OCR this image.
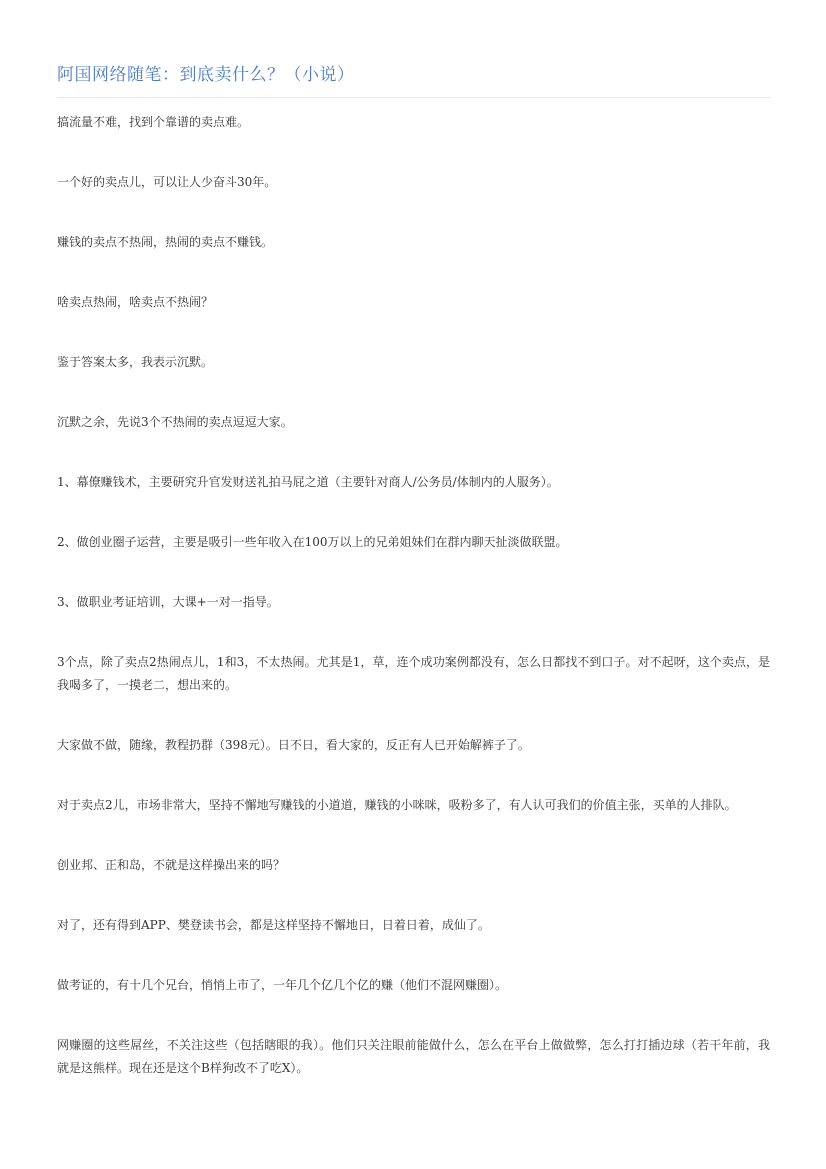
阿国网络随笔：到底卖什么？（小说）

搞流量不难，找到个靠谱的卖点难。

一个好的卖点儿，可以让人少奋斗30年。

赚钱的卖点不热闹，热闹的卖点不赚钱。

啥卖点热闹，啥卖点不热闹？

鉴于答案太多，我表示沉默。

沉默之余，先说3个不热闹的卖点逗逗大家。

1、幕僚赚钱术，主要研究升官发财送礼拍马屁之道（主要针对商人/公务员/体制内的人服务）。

2、做创业圈子运营，主要是吸引一些年收入在100万以上的兄弟姐妹们在群内聊天扯淡做联盟。

3、做职业考证培训，大课+一对一指导。

3个点，除了卖点2热闹点儿，1和3，不太热闹。尤其是1，草，连个成功案例都没有，怎么日都找不到口子。对不起呀，这个卖点，是我喝多了，一摸老二，想出来的。

大家做不做，随缘，教程扔群（398元）。日不日，看大家的，反正有人已开始解裤子了。

对于卖点2儿，市场非常大，坚持不懈地写赚钱的小道道，赚钱的小咪咪，吸粉多了，有人认可我们的价值主张，买单的人排队。

创业邦、正和岛，不就是这样操出来的吗？

对了，还有得到APP、樊登读书会，都是这样坚持不懈地日，日着日着，成仙了。

做考证的，有十几个兄台，悄悄上市了，一年几个亿几个亿的赚（他们不混网赚圈）。

网赚圈的这些屌丝，不关注这些（包括瞎眼的我）。他们只关注眼前能做什么，怎么在平台上做做弊，怎么打打插边球（若干年前，我就是这熊样。现在还是这个B样狗改不了吃X）。
